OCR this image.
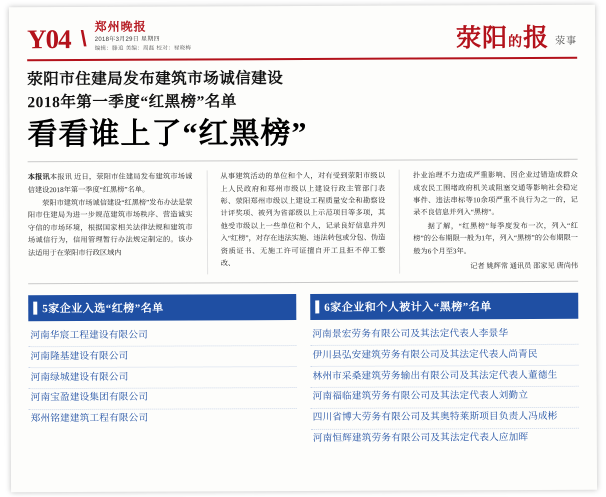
Y04 \ 郑州晚报
2018年3月29日 星期四
编辑：滕追 美编：周磊 校对：禄晓梅	荥阳的报 荥事
荥阳市住建局发布建筑市场诚信建设
2018年第一季度“红黑榜”名单
看看谁上了“红黑榜”

本报讯本报讯 近日，荥阳市住建局发布建筑市场诚信建设2018年第一季度“红黑榜”名单。

荥阳市建筑市场诚信建设“红黑榜”发布办法是荥阳市住建局为进一步规范建筑市场秩序、营造诚实守信的市场环境，根据国家相关法律法规和建筑市场诚信行为，信用管理暂行办法规定制定的。该办法适用于在荥阳市行政区域内

从事建筑活动的单位和个人，对有受到荥阳市级以上人民政府和郑州市级以上建设行政主管部门表彰、荥阳郑州市级以上建设工程质量安全和勘察设计评奖项、被列为省部级以上示范项目等多项，其他受市级以上一些单位和个人，记录良好信息并列入“红榜”，对存在违法实施、违法转包或分包、伪造资质证书、无施工许可证擅自开工且拒不停工整改、

扑业治理不力造成严重影响、因企业过错造成群众成农民工围堵政府机关或阻塞交通等影响社会稳定事件、违法串标等10余项严重不良行为之一的，记录不良信息并列入“黑榜”。

据了解，“红黑榜”每季度发布一次，列入“红榜”的公布期限一般为1年，列入“黑榜”的公布期限一般为6个月至3年。

记者 姚辉常 通讯员 邵家见 唐尚伟

5家企业入选“红榜”名单
河南华宸工程建设有限公司
河南隆基建设有限公司
河南绿城建设有限公司
河南宝盈建设集团有限公司
郑州铭建建筑工程有限公司
6家企业和个人被计入“黑榜”名单
河南景宏劳务有限公司及其法定代表人李景华
伊川县弘安建筑劳务有限公司及其法定代表人尚青民
林州市采桑建筑劳务输出有限公司及其法定代表人董德生
河南福临建筑劳务有限公司及其法定代表人刘勤立
四川省博大劳务有限公司及其奥特莱斯项目负责人冯成彬
河南恒辉建筑劳务有限公司及其法定代表人应加晖
